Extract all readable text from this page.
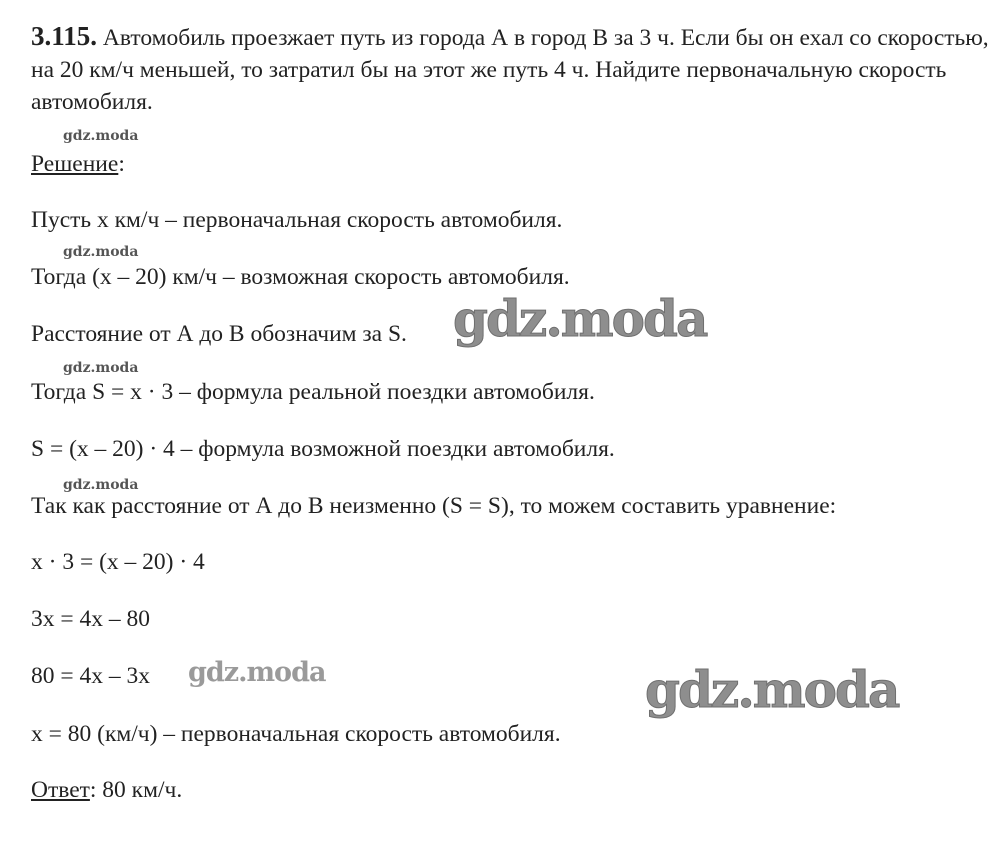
3.115. Автомобиль проезжает путь из города А в город В за 3 ч. Если бы он ехал со скоростью, на 20 км/ч меньшей, то затратил бы на этот же путь 4 ч. Найдите первоначальную скорость автомобиля.

gdz.moda

Решение:

Пусть x км/ч – первоначальная скорость автомобиля.

gdz.moda

Тогда (x – 20) км/ч – возможная скорость автомобиля.

Расстояние от А до В обозначим за S. gdz.moda
gdz.moda

Тогда S = x · 3 – формула реальной поездки автомобиля.

S = (x – 20) · 4 – формула возможной поездки автомобиля.

gdz.moda

Так как расстояние от А до В неизменно (S = S), то можем составить уравнение:

x · 3 = (x – 20) · 4

3x = 4x – 80

80 = 4x – 3x gdz.moda	gdz.moda

x = 80 (км/ч) – первоначальная скорость автомобиля.

Ответ: 80 км/ч.
